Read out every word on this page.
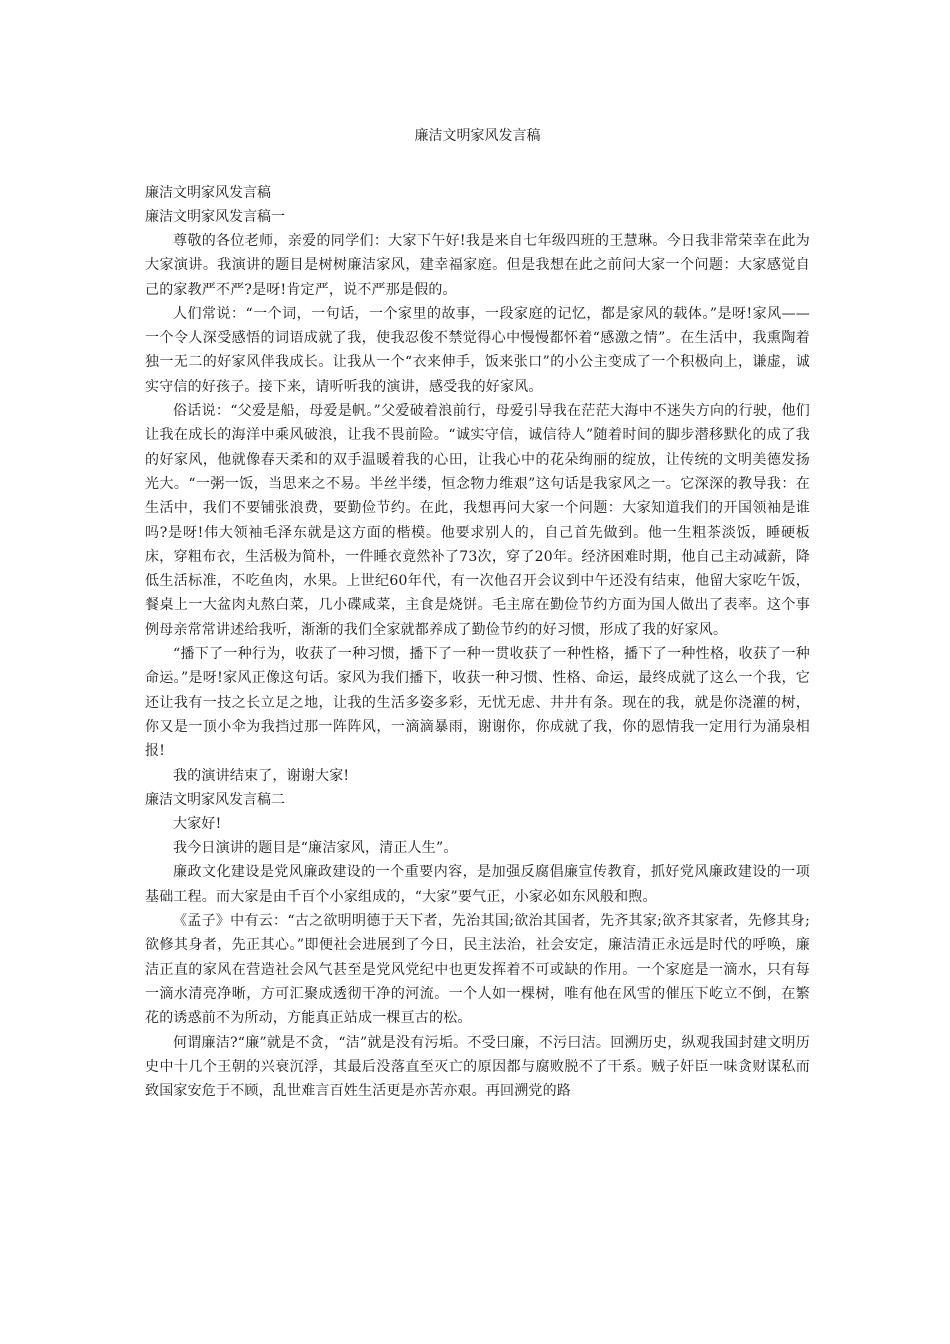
廉洁文明家风发言稿

廉洁文明家风发言稿

廉洁文明家风发言稿一

尊敬的各位老师，亲爱的同学们：大家下午好!我是来自七年级四班的王慧琳。今日我非常荣幸在此为大家演讲。我演讲的题目是树树廉洁家风，建幸福家庭。但是我想在此之前问大家一个问题：大家感觉自己的家教严不严?是呀!肯定严，说不严那是假的。

人们常说：“一个词，一句话，一个家里的故事，一段家庭的记忆，都是家风的载体。”是呀!家风——一个令人深受感悟的词语成就了我，使我忍俊不禁觉得心中慢慢都怀着“感激之情”。在生活中，我熏陶着独一无二的好家风伴我成长。让我从一个“衣来伸手，饭来张口”的小公主变成了一个积极向上，谦虚，诚实守信的好孩子。接下来，请听听我的演讲，感受我的好家风。

俗话说：“父爱是船，母爱是帆。”父爱破着浪前行，母爱引导我在茫茫大海中不迷失方向的行驶，他们让我在成长的海洋中乘风破浪，让我不畏前险。“诚实守信，诚信待人”随着时间的脚步潜移默化的成了我的好家风，他就像春天柔和的双手温暖着我的心田，让我心中的花朵绚丽的绽放，让传统的文明美德发扬光大。“一粥一饭，当思来之不易。半丝半缕，恒念物力维艰”这句话是我家风之一。它深深的教导我：在生活中，我们不要铺张浪费，要勤俭节约。在此，我想再问大家一个问题：大家知道我们的开国领袖是谁吗?是呀!伟大领袖毛泽东就是这方面的楷模。他要求别人的，自己首先做到。他一生粗茶淡饭，睡硬板床，穿粗布衣，生活极为简朴，一件睡衣竟然补了73次，穿了20年。经济困难时期，他自己主动减薪，降低生活标准，不吃鱼肉，水果。上世纪60年代，有一次他召开会议到中午还没有结束，他留大家吃午饭，餐桌上一大盆肉丸熬白菜，几小碟咸菜，主食是烧饼。毛主席在勤俭节约方面为国人做出了表率。这个事例母亲常常讲述给我听，渐渐的我们全家就都养成了勤俭节约的好习惯，形成了我的好家风。

“播下了一种行为，收获了一种习惯，播下了一种一贯收获了一种性格，播下了一种性格，收获了一种命运。”是呀!家风正像这句话。家风为我们播下，收获一种习惯、性格、命运，最终成就了这么一个我，它还让我有一技之长立足之地，让我的生活多姿多彩，无忧无虑、井井有条。现在的我，就是你浇灌的树，你又是一顶小伞为我挡过那一阵阵风，一滴滴暴雨，谢谢你，你成就了我，你的恩情我一定用行为涌泉相报!

我的演讲结束了，谢谢大家!

廉洁文明家风发言稿二

大家好!

我今日演讲的题目是“廉洁家风，清正人生”。

廉政文化建设是党风廉政建设的一个重要内容，是加强反腐倡廉宣传教育，抓好党风廉政建设的一项基础工程。而大家是由千百个小家组成的，“大家”要气正，小家必如东风般和煦。

《孟子》中有云：“古之欲明明德于天下者，先治其国;欲治其国者，先齐其家;欲齐其家者，先修其身;欲修其身者，先正其心。”即便社会进展到了今日，民主法治，社会安定，廉洁清正永远是时代的呼唤，廉洁正直的家风在营造社会风气甚至是党风党纪中也更发挥着不可或缺的作用。一个家庭是一滴水，只有每一滴水清亮净晰，方可汇聚成透彻干净的河流。一个人如一棵树，唯有他在风雪的催压下屹立不倒，在繁花的诱惑前不为所动，方能真正站成一棵亘古的松。

何谓廉洁?“廉”就是不贪，“洁”就是没有污垢。不受曰廉，不污曰洁。回溯历史，纵观我国封建文明历史中十几个王朝的兴衰沉浮，其最后没落直至灭亡的原因都与腐败脱不了干系。贼子奸臣一味贪财谋私而致国家安危于不顾，乱世难言百姓生活更是亦苦亦艰。再回溯党的路
